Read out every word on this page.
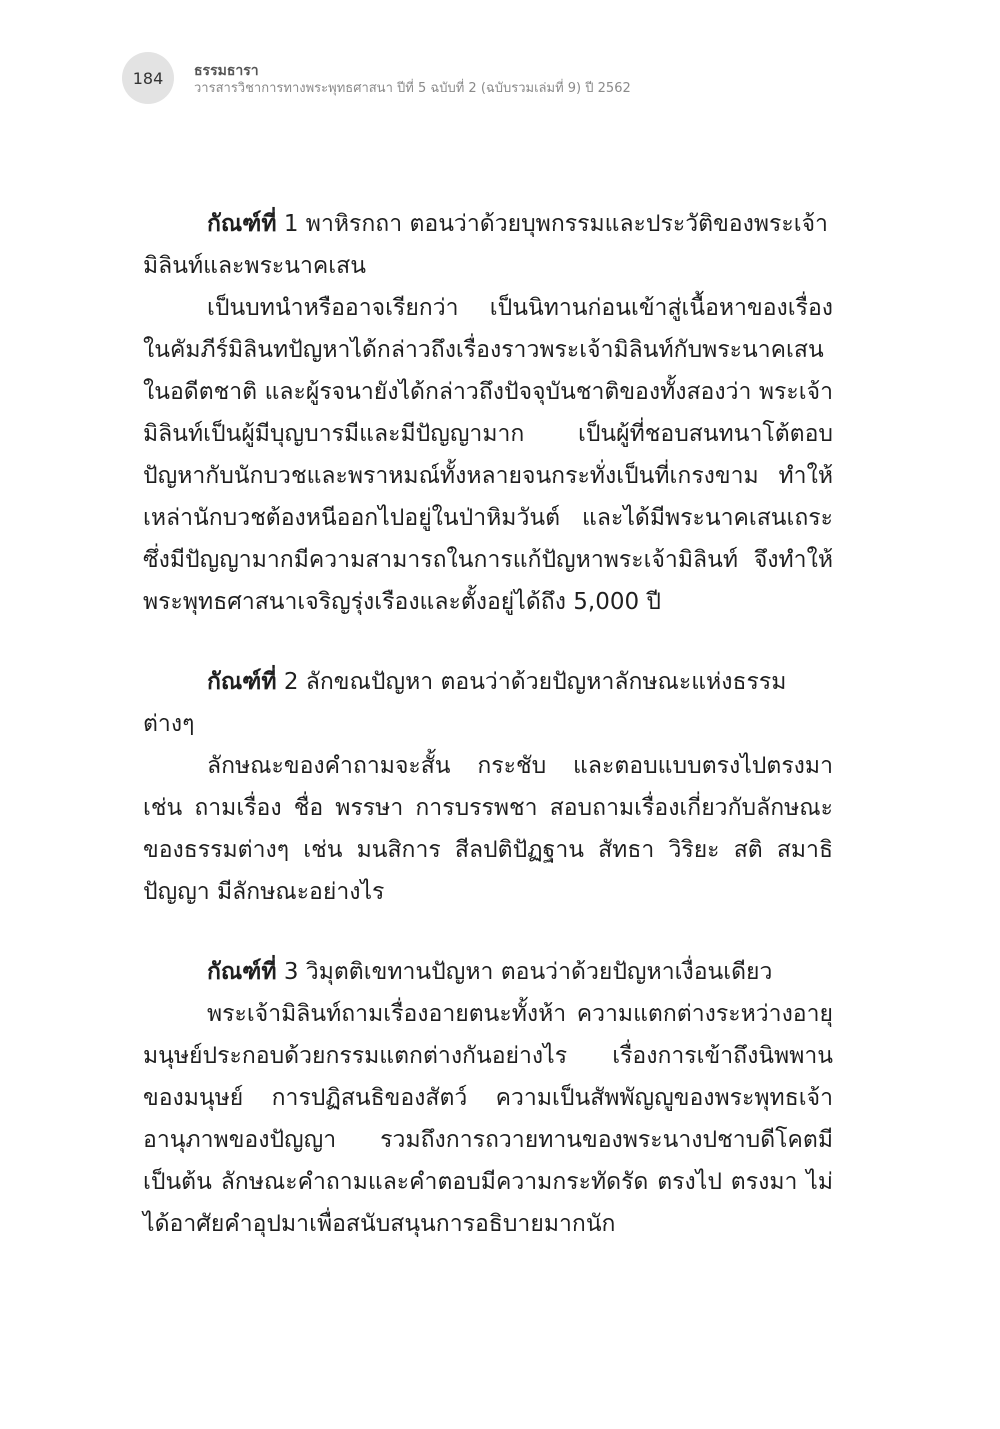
184	ธรรมธารา
วารสารวิชาการทางพระพุทธศาสนา ปีที่ 5 ฉบับที่ 2 (ฉบับรวมเล่มที่ 9) ปี 2562

กัณฑ์ที่ 1 พาหิรกถา ตอนว่าด้วยบุพกรรมและประวัติของพระเจ้ามิลินท์และพระนาคเสน

เป็นบทนำหรืออาจเรียกว่า เป็นนิทานก่อนเข้าสู่เนื้อหาของเรื่องในคัมภีร์มิลินทปัญหาได้กล่าวถึงเรื่องราวพระเจ้ามิลินท์กับพระนาคเสนในอดีตชาติ และผู้รจนายังได้กล่าวถึงปัจจุบันชาติของทั้งสองว่า พระเจ้ามิลินท์เป็นผู้มีบุญบารมีและมีปัญญามาก เป็นผู้ที่ชอบสนทนาโต้ตอบปัญหากับนักบวชและพราหมณ์ทั้งหลายจนกระทั่งเป็นที่เกรงขาม ทำให้เหล่านักบวชต้องหนีออกไปอยู่ในป่าหิมวันต์ และได้มีพระนาคเสนเถระซึ่งมีปัญญามากมีความสามารถในการแก้ปัญหาพระเจ้ามิลินท์ จึงทำให้พระพุทธศาสนาเจริญรุ่งเรืองและตั้งอยู่ได้ถึง 5,000 ปี

กัณฑ์ที่ 2 ลักขณปัญหา ตอนว่าด้วยปัญหาลักษณะแห่งธรรมต่างๆ

ลักษณะของคำถามจะสั้น กระชับ และตอบแบบตรงไปตรงมา เช่น ถามเรื่อง ชื่อ พรรษา การบรรพชา สอบถามเรื่องเกี่ยวกับลักษณะของธรรมต่างๆ เช่น มนสิการ สีลปติปัฏฐาน สัทธา วิริยะ สติ สมาธิ ปัญญา มีลักษณะอย่างไร

กัณฑ์ที่ 3 วิมุตติเขทานปัญหา ตอนว่าด้วยปัญหาเงื่อนเดียว

พระเจ้ามิลินท์ถามเรื่องอายตนะทั้งห้า ความแตกต่างระหว่างอายุมนุษย์ประกอบด้วยกรรมแตกต่างกันอย่างไร เรื่องการเข้าถึงนิพพานของมนุษย์ การปฏิสนธิของสัตว์ ความเป็นสัพพัญญูของพระพุทธเจ้า อานุภาพของปัญญา รวมถึงการถวายทานของพระนางปชาบดีโคตมี เป็นต้น ลักษณะคำถามและคำตอบมีความกระทัดรัด ตรงไป ตรงมา ไม่ได้อาศัยคำอุปมาเพื่อสนับสนุนการอธิบายมากนัก
